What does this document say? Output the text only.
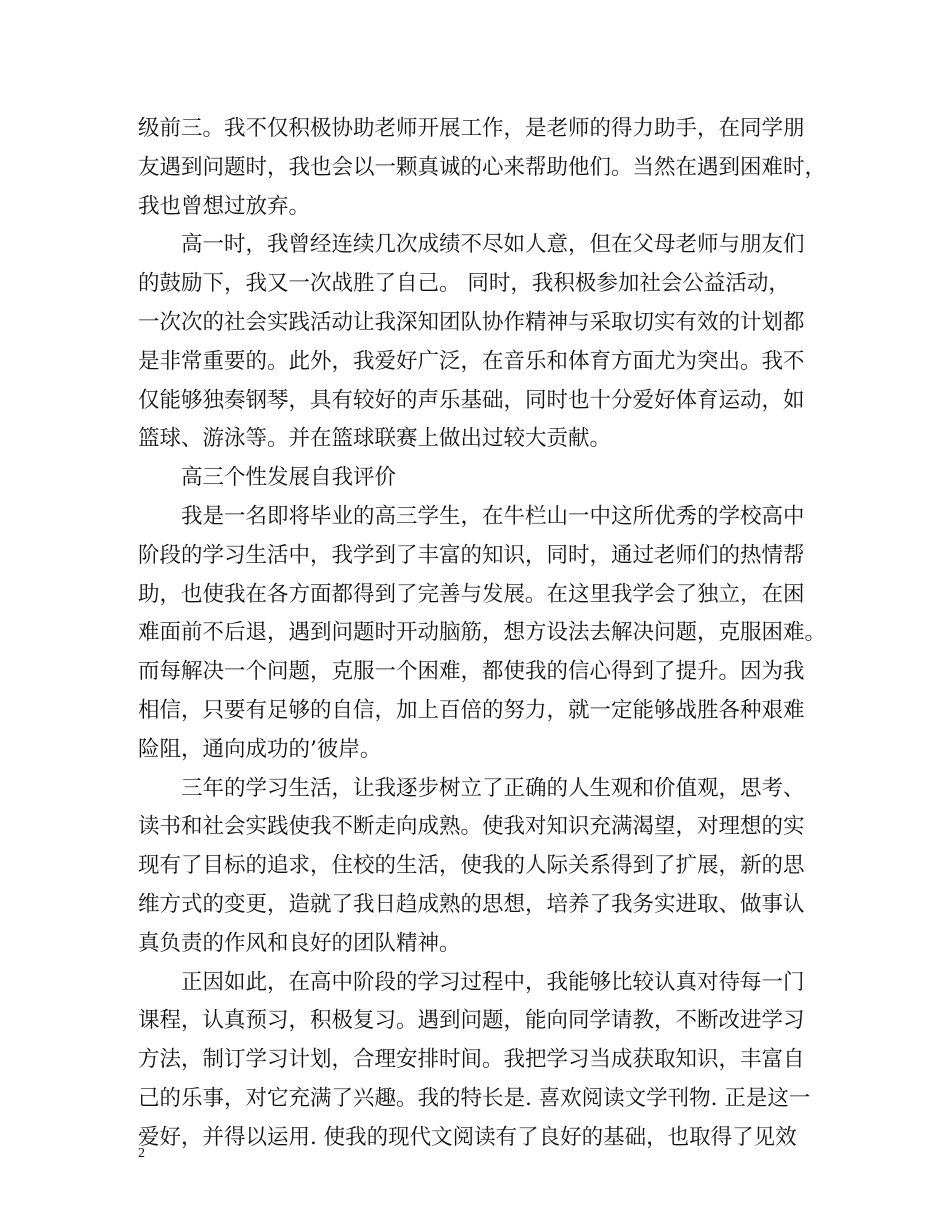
级前三。我不仅积极协助老师开展工作，是老师的得力助手，在同学朋
友遇到问题时，我也会以一颗真诚的心来帮助他们。当然在遇到困难时，
我也曾想过放弃。
高一时，我曾经连续几次成绩不尽如人意，但在父母老师与朋友们
的鼓励下，我又一次战胜了自己。 同时，我积极参加社会公益活动，
一次次的社会实践活动让我深知团队协作精神与采取切实有效的计划都
是非常重要的。此外，我爱好广泛，在音乐和体育方面尤为突出。我不
仅能够独奏钢琴，具有较好的声乐基础，同时也十分爱好体育运动，如
篮球、游泳等。并在篮球联赛上做出过较大贡献。
高三个性发展自我评价
我是一名即将毕业的高三学生，在牛栏山一中这所优秀的学校高中
阶段的学习生活中，我学到了丰富的知识，同时，通过老师们的热情帮
助，也使我在各方面都得到了完善与发展。在这里我学会了独立，在困
难面前不后退，遇到问题时开动脑筋，想方设法去解决问题，克服困难。
而每解决一个问题，克服一个困难，都使我的信心得到了提升。因为我
相信，只要有足够的自信，加上百倍的努力，就一定能够战胜各种艰难
险阻，通向成功的’彼岸。
三年的学习生活，让我逐步树立了正确的人生观和价值观，思考、
读书和社会实践使我不断走向成熟。使我对知识充满渴望，对理想的实
现有了目标的追求，住校的生活，使我的人际关系得到了扩展，新的思
维方式的变更，造就了我日趋成熟的思想，培养了我务实进取、做事认
真负责的作风和良好的团队精神。
正因如此，在高中阶段的学习过程中，我能够比较认真对待每一门
课程，认真预习，积极复习。遇到问题，能向同学请教，不断改进学习
方法，制订学习计划，合理安排时间。我把学习当成获取知识，丰富自
己的乐事，对它充满了兴趣。我的特长是. 喜欢阅读文学刊物. 正是这一
爱好，并得以运用. 使我的现代文阅读有了良好的基础，也取得了见效
2
